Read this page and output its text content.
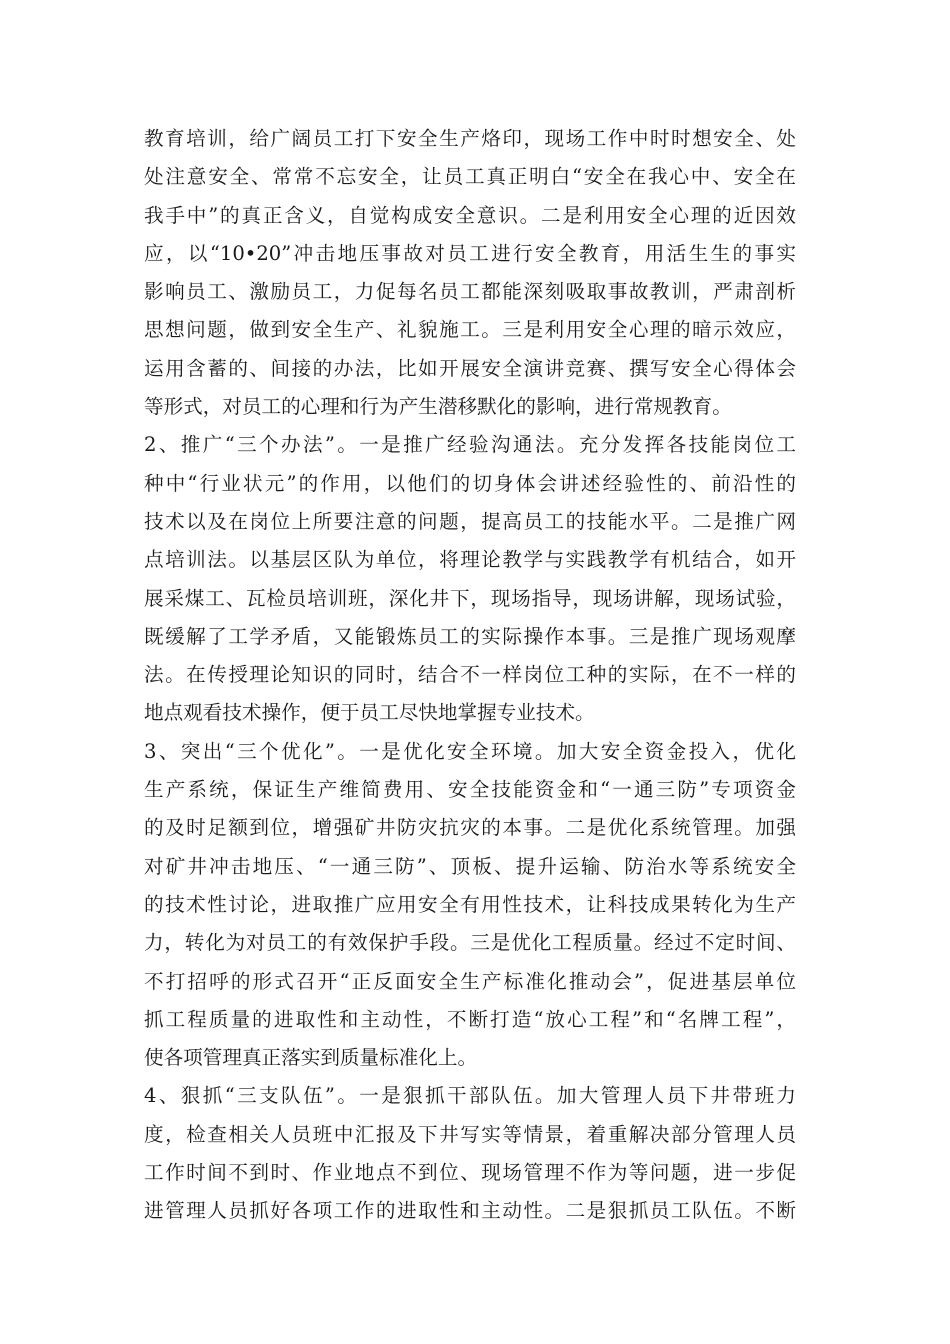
教育培训，给广阔员工打下安全生产烙印，现场工作中时时想安全、处
处注意安全、常常不忘安全，让员工真正明白“安全在我心中、安全在
我手中”的真正含义，自觉构成安全意识。二是利用安全心理的近因效
应，以“10•20”冲击地压事故对员工进行安全教育，用活生生的事实
影响员工、激励员工，力促每名员工都能深刻吸取事故教训，严肃剖析
思想问题，做到安全生产、礼貌施工。三是利用安全心理的暗示效应，
运用含蓄的、间接的办法，比如开展安全演讲竞赛、撰写安全心得体会
等形式，对员工的心理和行为产生潜移默化的影响，进行常规教育。
2、推广“三个办法”。一是推广经验沟通法。充分发挥各技能岗位工
种中“行业状元”的作用，以他们的切身体会讲述经验性的、前沿性的
技术以及在岗位上所要注意的问题，提高员工的技能水平。二是推广网
点培训法。以基层区队为单位，将理论教学与实践教学有机结合，如开
展采煤工、瓦检员培训班，深化井下，现场指导，现场讲解，现场试验，
既缓解了工学矛盾，又能锻炼员工的实际操作本事。三是推广现场观摩
法。在传授理论知识的同时，结合不一样岗位工种的实际，在不一样的
地点观看技术操作，便于员工尽快地掌握专业技术。
3、突出“三个优化”。一是优化安全环境。加大安全资金投入，优化
生产系统，保证生产维简费用、安全技能资金和“一通三防”专项资金
的及时足额到位，增强矿井防灾抗灾的本事。二是优化系统管理。加强
对矿井冲击地压、“一通三防”、顶板、提升运输、防治水等系统安全
的技术性讨论，进取推广应用安全有用性技术，让科技成果转化为生产
力，转化为对员工的有效保护手段。三是优化工程质量。经过不定时间、
不打招呼的形式召开“正反面安全生产标准化推动会”，促进基层单位
抓工程质量的进取性和主动性，不断打造“放心工程”和“名牌工程”，
使各项管理真正落实到质量标准化上。
4、狠抓“三支队伍”。一是狠抓干部队伍。加大管理人员下井带班力
度，检查相关人员班中汇报及下井写实等情景，着重解决部分管理人员
工作时间不到时、作业地点不到位、现场管理不作为等问题，进一步促
进管理人员抓好各项工作的进取性和主动性。二是狠抓员工队伍。不断
